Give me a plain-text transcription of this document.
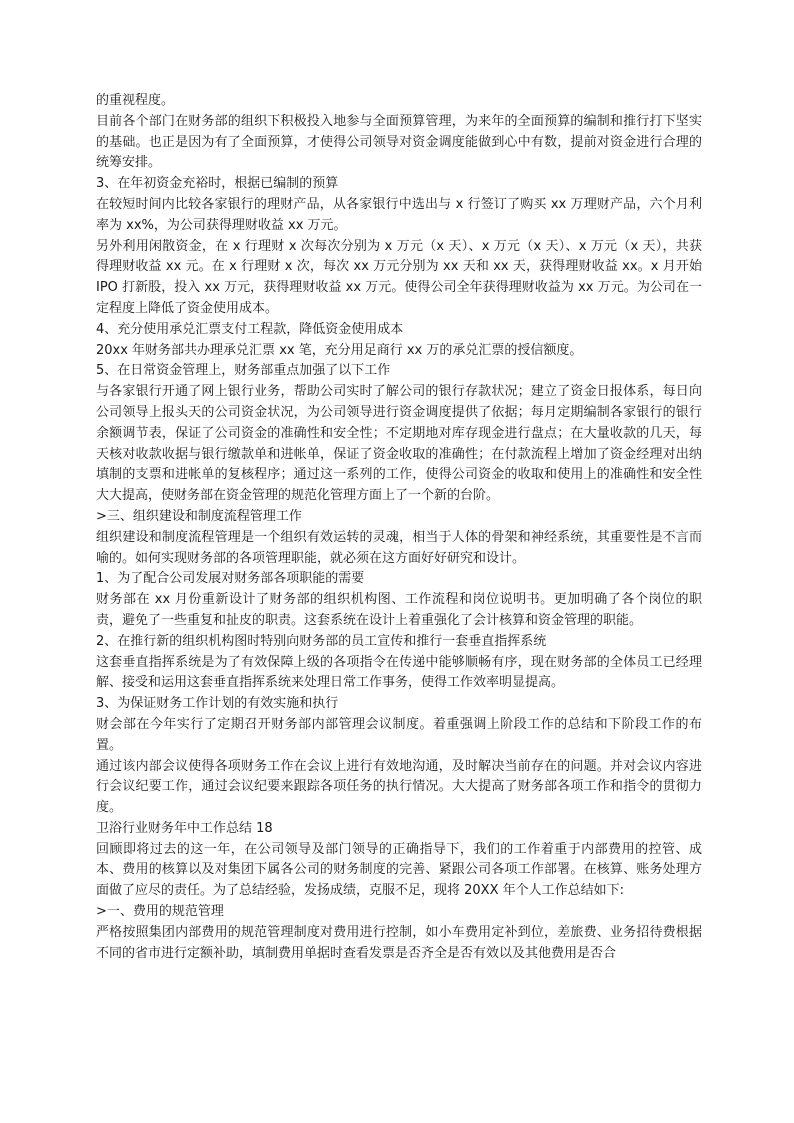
的重视程度。

目前各个部门在财务部的组织下积极投入地参与全面预算管理，为来年的全面预算的编制和推行打下坚实的基础。也正是因为有了全面预算，才使得公司领导对资金调度能做到心中有数，提前对资金进行合理的统筹安排。

3、在年初资金充裕时，根据已编制的预算

在较短时间内比较各家银行的理财产品，从各家银行中选出与 x 行签订了购买 xx 万理财产品，六个月利率为 xx%，为公司获得理财收益 xx 万元。

另外利用闲散资金，在 x 行理财 x 次每次分别为 x 万元（x 天）、x 万元（x 天）、x 万元（x 天），共获得理财收益 xx 元。在 x 行理财 x 次，每次 xx 万元分别为 xx 天和 xx 天，获得理财收益 xx。x 月开始 IPO 打新股，投入 xx 万元，获得理财收益 xx 万元。使得公司全年获得理财收益为 xx 万元。为公司在一定程度上降低了资金使用成本。

4、充分使用承兑汇票支付工程款，降低资金使用成本

20xx 年财务部共办理承兑汇票 xx 笔，充分用足商行 xx 万的承兑汇票的授信额度。

5、在日常资金管理上，财务部重点加强了以下工作

与各家银行开通了网上银行业务，帮助公司实时了解公司的银行存款状况；建立了资金日报体系，每日向公司领导上报头天的公司资金状况，为公司领导进行资金调度提供了依据；每月定期编制各家银行的银行余额调节表，保证了公司资金的准确性和安全性；不定期地对库存现金进行盘点；在大量收款的几天，每天核对收款收据与银行缴款单和进帐单，保证了资金收取的准确性；在付款流程上增加了资金经理对出纳填制的支票和进帐单的复核程序；通过这一系列的工作，使得公司资金的收取和使用上的准确性和安全性大大提高，使财务部在资金管理的规范化管理方面上了一个新的台阶。

>三、组织建设和制度流程管理工作

组织建设和制度流程管理是一个组织有效运转的灵魂，相当于人体的骨架和神经系统，其重要性是不言而喻的。如何实现财务部的各项管理职能，就必须在这方面好好研究和设计。

1、为了配合公司发展对财务部各项职能的需要

财务部在 xx 月份重新设计了财务部的组织机构图、工作流程和岗位说明书。更加明确了各个岗位的职责，避免了一些重复和扯皮的职责。这套系统在设计上着重强化了会计核算和资金管理的职能。

2、在推行新的组织机构图时特别向财务部的员工宣传和推行一套垂直指挥系统

这套垂直指挥系统是为了有效保障上级的各项指令在传递中能够顺畅有序，现在财务部的全体员工已经理解、接受和运用这套垂直指挥系统来处理日常工作事务，使得工作效率明显提高。

3、为保证财务工作计划的有效实施和执行

财会部在今年实行了定期召开财务部内部管理会议制度。着重强调上阶段工作的总结和下阶段工作的布置。

通过该内部会议使得各项财务工作在会议上进行有效地沟通，及时解决当前存在的问题。并对会议内容进行会议纪要工作，通过会议纪要来跟踪各项任务的执行情况。大大提高了财务部各项工作和指令的贯彻力度。

卫浴行业财务年中工作总结 18

回顾即将过去的这一年，在公司领导及部门领导的正确指导下，我们的工作着重于内部费用的控管、成本、费用的核算以及对集团下属各公司的财务制度的完善、紧跟公司各项工作部署。在核算、账务处理方面做了应尽的责任。为了总结经验，发扬成绩，克服不足，现将 20XX 年个人工作总结如下:

>一、费用的规范管理

严格按照集团内部费用的规范管理制度对费用进行控制，如小车费用定补到位，差旅费、业务招待费根据不同的省市进行定额补助，填制费用单据时查看发票是否齐全是否有效以及其他费用是否合
